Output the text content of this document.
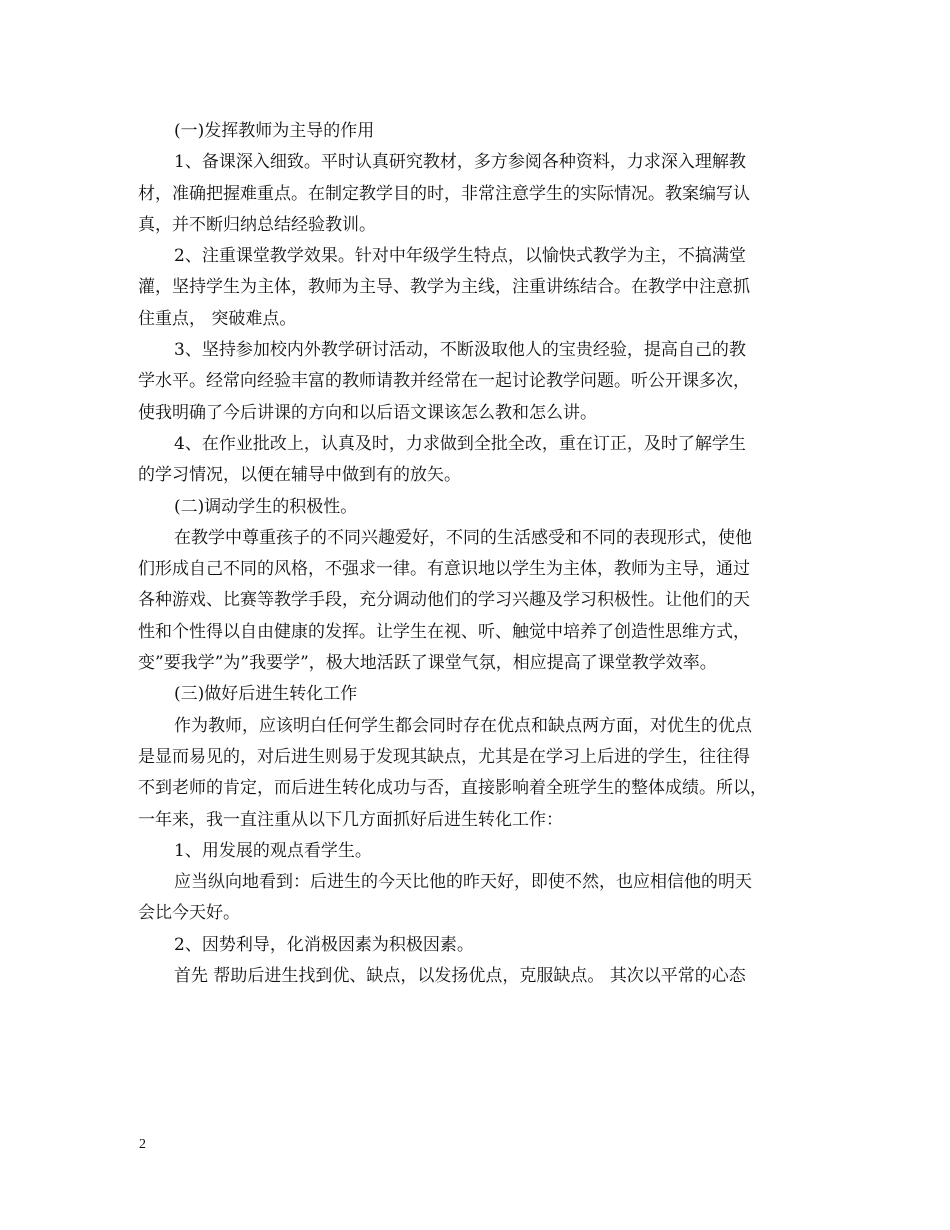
(一)发挥教师为主导的作用
1、备课深入细致。平时认真研究教材，多方参阅各种资料，力求深入理解教
材，准确把握难重点。在制定教学目的时，非常注意学生的实际情况。教案编写认
真，并不断归纳总结经验教训。
2、注重课堂教学效果。针对中年级学生特点，以愉快式教学为主，不搞满堂
灌，坚持学生为主体，教师为主导、教学为主线，注重讲练结合。在教学中注意抓
住重点， 突破难点。
3、坚持参加校内外教学研讨活动，不断汲取他人的宝贵经验，提高自己的教
学水平。经常向经验丰富的教师请教并经常在一起讨论教学问题。听公开课多次，
使我明确了今后讲课的方向和以后语文课该怎么教和怎么讲。
4、在作业批改上，认真及时，力求做到全批全改，重在订正，及时了解学生
的学习情况，以便在辅导中做到有的放矢。
(二)调动学生的积极性。
在教学中尊重孩子的不同兴趣爱好，不同的生活感受和不同的表现形式，使他
们形成自己不同的风格，不强求一律。有意识地以学生为主体，教师为主导，通过
各种游戏、比赛等教学手段，充分调动他们的学习兴趣及学习积极性。让他们的天
性和个性得以自由健康的发挥。让学生在视、听、触觉中培养了创造性思维方式，
变”要我学”为”我要学”，极大地活跃了课堂气氛，相应提高了课堂教学效率。
(三)做好后进生转化工作
作为教师，应该明白任何学生都会同时存在优点和缺点两方面，对优生的优点
是显而易见的，对后进生则易于发现其缺点，尤其是在学习上后进的学生，往往得
不到老师的肯定，而后进生转化成功与否，直接影响着全班学生的整体成绩。所以，
一年来，我一直注重从以下几方面抓好后进生转化工作：
1、用发展的观点看学生。
应当纵向地看到：后进生的今天比他的昨天好，即使不然，也应相信他的明天
会比今天好。
2、因势利导，化消极因素为积极因素。
首先 帮助后进生找到优、缺点，以发扬优点，克服缺点。 其次以平常的心态
2
